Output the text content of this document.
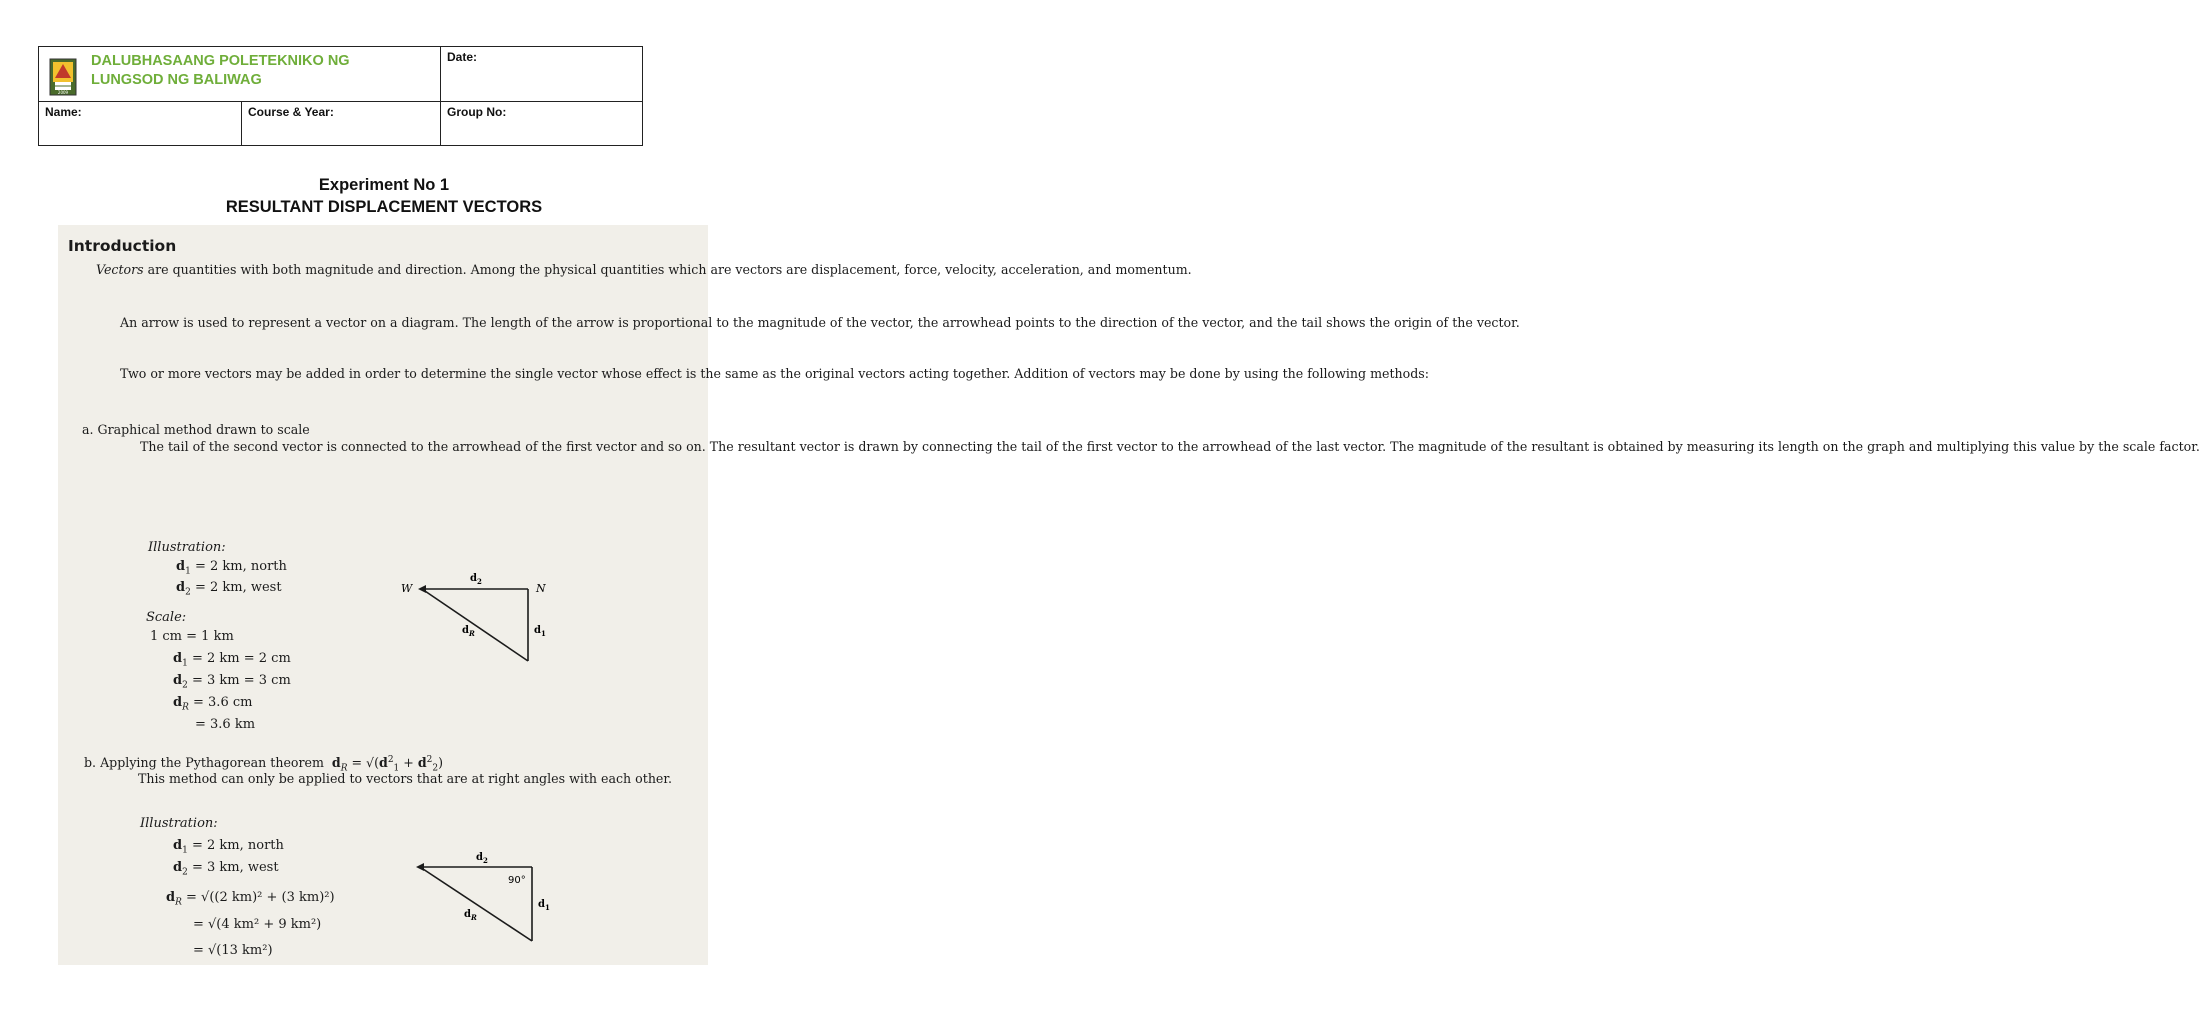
2009
DALUBHASAANG POLETEKNIKO NG
LUNGSOD NG BALIWAG		Date:
Name:	Course & Year:	Group No:
Experiment No 1
RESULTANT DISPLACEMENT VECTORS
Introduction
Vectors are quantities with both magnitude and direction. Among the physical quantities which are vectors are displacement, force, velocity, acceleration, and momentum.
An arrow is used to represent a vector on a diagram. The length of the arrow is proportional to the magnitude of the vector, the arrowhead points to the direction of the vector, and the tail shows the origin of the vector.
Two or more vectors may be added in order to determine the single vector whose effect is the same as the original vectors acting together. Addition of vectors may be done by using the following methods:
a. Graphical method drawn to scale
The tail of the second vector is connected to the arrowhead of the first vector and so on. The resultant vector is drawn by connecting the tail of the first vector to the arrowhead of the last vector. The magnitude of the resultant is obtained by measuring its length on the graph and multiplying this value by the scale factor.
Illustration:
$d_1 = 2$ km, north
$d_2 = 2$ km, west
Scale:
1 cm = 1 km
$d_1 = 2$ km = 2 cm
$d_2 = 3$ km = 3 cm
$d_R = 3.6$ cm
= 3.6 km
W	N
$d_2$
$d_1$
$d_R$
b. Applying the Pythagorean theorem $d_R = √(d^2_1 + d^2_2)$
This method can only be applied to vectors that are at right angles with each other.
Illustration:
$d_1 = 2$ km, north
$d_2 = 3$ km, west
$d_R = √((2$ km)² + (3 km)²)
= √(4 km² + 9 km²)
= √(13 km²)
$d_2$
90°
$d_1$
$d_R$
